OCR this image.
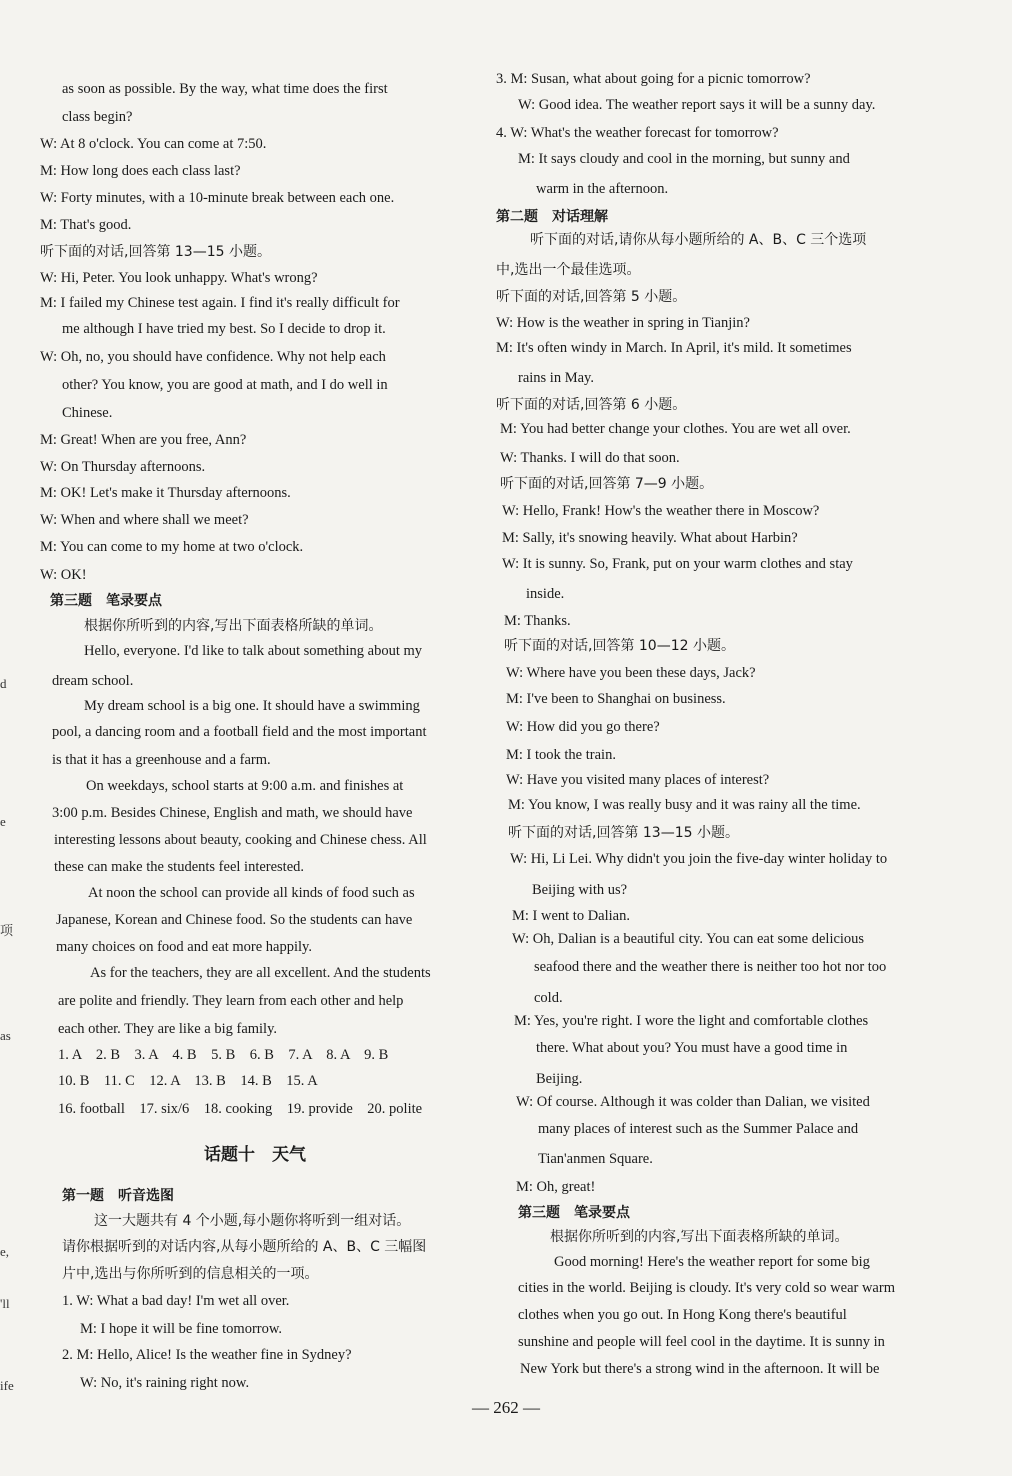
d
e
项
as
e,
'll
ife
as soon as possible. By the way, what time does the first
class begin?
W: At 8 o'clock. You can come at 7:50.
M: How long does each class last?
W: Forty minutes, with a 10-minute break between each one.
M: That's good.
听下面的对话,回答第 13—15 小题。
W: Hi, Peter. You look unhappy. What's wrong?
M: I failed my Chinese test again. I find it's really difficult for
me although I have tried my best. So I decide to drop it.
W: Oh, no, you should have confidence. Why not help each
other? You know, you are good at math, and I do well in
Chinese.
M: Great! When are you free, Ann?
W: On Thursday afternoons.
M: OK! Let's make it Thursday afternoons.
W: When and where shall we meet?
M: You can come to my home at two o'clock.
W: OK!
第三题　笔录要点
根据你所听到的内容,写出下面表格所缺的单词。
Hello, everyone. I'd like to talk about something about my
dream school.
My dream school is a big one. It should have a swimming
pool, a dancing room and a football field and the most important
is that it has a greenhouse and a farm.
On weekdays, school starts at 9:00 a.m. and finishes at
3:00 p.m. Besides Chinese, English and math, we should have
interesting lessons about beauty, cooking and Chinese chess. All
these can make the students feel interested.
At noon the school can provide all kinds of food such as
Japanese, Korean and Chinese food. So the students can have
many choices on food and eat more happily.
As for the teachers, they are all excellent. And the students
are polite and friendly. They learn from each other and help
each other. They are like a big family.
1. A　2. B　3. A　4. B　5. B　6. B　7. A　8. A　9. B
10. B　11. C　12. A　13. B　14. B　15. A
16. football　17. six/6　18. cooking　19. provide　20. polite
话题十　天气
第一题　听音选图
这一大题共有 4 个小题,每小题你将听到一组对话。
请你根据听到的对话内容,从每小题所给的 A、B、C 三幅图
片中,选出与你所听到的信息相关的一项。
1. W: What a bad day! I'm wet all over.
M: I hope it will be fine tomorrow.
2. M: Hello, Alice! Is the weather fine in Sydney?
W: No, it's raining right now.
3. M: Susan, what about going for a picnic tomorrow?
W: Good idea. The weather report says it will be a sunny day.
4. W: What's the weather forecast for tomorrow?
M: It says cloudy and cool in the morning, but sunny and
warm in the afternoon.
第二题　对话理解
听下面的对话,请你从每小题所给的 A、B、C 三个选项
中,选出一个最佳选项。
听下面的对话,回答第 5 小题。
W: How is the weather in spring in Tianjin?
M: It's often windy in March. In April, it's mild. It sometimes
rains in May.
听下面的对话,回答第 6 小题。
M: You had better change your clothes. You are wet all over.
W: Thanks. I will do that soon.
听下面的对话,回答第 7—9 小题。
W: Hello, Frank! How's the weather there in Moscow?
M: Sally, it's snowing heavily. What about Harbin?
W: It is sunny. So, Frank, put on your warm clothes and stay
inside.
M: Thanks.
听下面的对话,回答第 10—12 小题。
W: Where have you been these days, Jack?
M: I've been to Shanghai on business.
W: How did you go there?
M: I took the train.
W: Have you visited many places of interest?
M: You know, I was really busy and it was rainy all the time.
听下面的对话,回答第 13—15 小题。
W: Hi, Li Lei. Why didn't you join the five-day winter holiday to
Beijing with us?
M: I went to Dalian.
W: Oh, Dalian is a beautiful city. You can eat some delicious
seafood there and the weather there is neither too hot nor too
cold.
M: Yes, you're right. I wore the light and comfortable clothes
there. What about you? You must have a good time in
Beijing.
W: Of course. Although it was colder than Dalian, we visited
many places of interest such as the Summer Palace and
Tian'anmen Square.
M: Oh, great!
第三题　笔录要点
根据你所听到的内容,写出下面表格所缺的单词。
Good morning! Here's the weather report for some big
cities in the world. Beijing is cloudy. It's very cold so wear warm
clothes when you go out. In Hong Kong there's beautiful
sunshine and people will feel cool in the daytime. It is sunny in
New York but there's a strong wind in the afternoon. It will be
— 262 —
